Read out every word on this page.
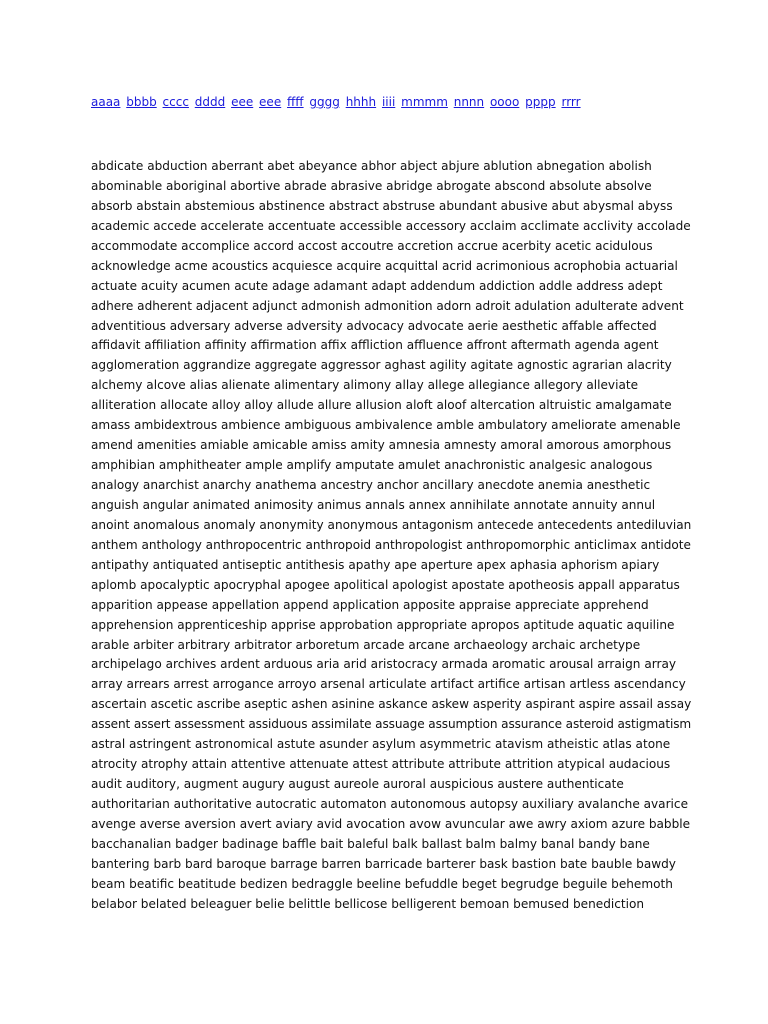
aaaa bbbb cccc dddd eee eee ffff gggg hhhh iiii mmmm nnnn oooo pppp rrrr
abdicate abduction aberrant abet abeyance abhor abject abjure ablution abnegation abolish
abominable aboriginal abortive abrade abrasive abridge abrogate abscond absolute absolve
absorb abstain abstemious abstinence abstract abstruse abundant abusive abut abysmal abyss
academic accede accelerate accentuate accessible accessory acclaim acclimate acclivity accolade
accommodate accomplice accord accost accoutre accretion accrue acerbity acetic acidulous
acknowledge acme acoustics acquiesce acquire acquittal acrid acrimonious acrophobia actuarial
actuate acuity acumen acute adage adamant adapt addendum addiction addle address adept
adhere adherent adjacent adjunct admonish admonition adorn adroit adulation adulterate advent
adventitious adversary adverse adversity advocacy advocate aerie aesthetic affable affected
affidavit affiliation affinity affirmation affix affliction affluence affront aftermath agenda agent
agglomeration aggrandize aggregate aggressor aghast agility agitate agnostic agrarian alacrity
alchemy alcove alias alienate alimentary alimony allay allege allegiance allegory alleviate
alliteration allocate alloy alloy allude allure allusion aloft aloof altercation altruistic amalgamate
amass ambidextrous ambience ambiguous ambivalence amble ambulatory ameliorate amenable
amend amenities amiable amicable amiss amity amnesia amnesty amoral amorous amorphous
amphibian amphitheater ample amplify amputate amulet anachronistic analgesic analogous
analogy anarchist anarchy anathema ancestry anchor ancillary anecdote anemia anesthetic
anguish angular animated animosity animus annals annex annihilate annotate annuity annul
anoint anomalous anomaly anonymity anonymous antagonism antecede antecedents antediluvian
anthem anthology anthropocentric anthropoid anthropologist anthropomorphic anticlimax antidote
antipathy antiquated antiseptic antithesis apathy ape aperture apex aphasia aphorism apiary
aplomb apocalyptic apocryphal apogee apolitical apologist apostate apotheosis appall apparatus
apparition appease appellation append application apposite appraise appreciate apprehend
apprehension apprenticeship apprise approbation appropriate apropos aptitude aquatic aquiline
arable arbiter arbitrary arbitrator arboretum arcade arcane archaeology archaic archetype
archipelago archives ardent arduous aria arid aristocracy armada aromatic arousal arraign array
array arrears arrest arrogance arroyo arsenal articulate artifact artifice artisan artless ascendancy
ascertain ascetic ascribe aseptic ashen asinine askance askew asperity aspirant aspire assail assay
assent assert assessment assiduous assimilate assuage assumption assurance asteroid astigmatism
astral astringent astronomical astute asunder asylum asymmetric atavism atheistic atlas atone
atrocity atrophy attain attentive attenuate attest attribute attribute attrition atypical audacious
audit auditory, augment augury august aureole auroral auspicious austere authenticate
authoritarian authoritative autocratic automaton autonomous autopsy auxiliary avalanche avarice
avenge averse aversion avert aviary avid avocation avow avuncular awe awry axiom azure babble
bacchanalian badger badinage baffle bait baleful balk ballast balm balmy banal bandy bane
bantering barb bard baroque barrage barren barricade barterer bask bastion bate bauble bawdy
beam beatific beatitude bedizen bedraggle beeline befuddle beget begrudge beguile behemoth
belabor belated beleaguer belie belittle bellicose belligerent bemoan bemused benediction
